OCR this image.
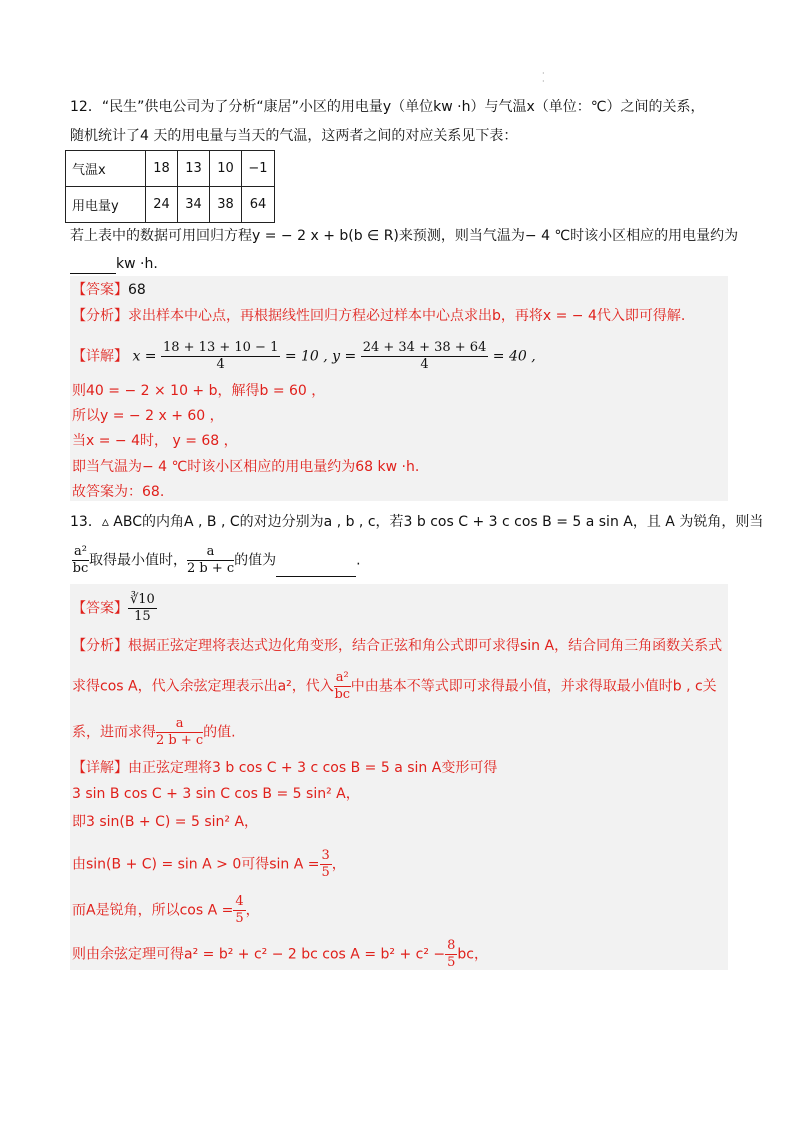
·
·
12．“民生”供电公司为了分析“康居”小区的用电量y（单位kw ·h）与气温x（单位：℃）之间的关系，
随机统计了4 天的用电量与当天的气温，这两者之间的对应关系见下表：
气温x	18	13	10	−1
用电量y	24	34	38	64
若上表中的数据可用回归方程y = − 2 x + b(b ∈ R)来预测，则当气温为− 4 ℃时该小区相应的用电量约为
kw ·h.
【答案】68
【分析】求出样本中心点，再根据线性回归方程必过样本中心点求出b，再将x = − 4代入即可得解.
【详解】 $x = \frac{18 + 13 + 10 - 1}{4} = 10$ , $y = \frac{24 + 34 + 38 + 64}{4} = 40$ ,
则40 = − 2 × 10 + b，解得b = 60 ，
所以y = − 2 x + 60 ，
当x = − 4时， y = 68 ，
即当气温为− 4 ℃时该小区相应的用电量约为68 kw ·h.
故答案为：68.
13．▵ ABC的内角A , B , C的对边分别为a , b , c，若3 b cos C + 3 c cos B = 5 a sin A，且 A 为锐角，则当
$\frac{\text{a²}}{bc}$ 取得最小值时， $\frac{a}{2 b + c}$ 的值为	.
【答案】 $\frac{∛10}{15}$
【分析】根据正弦定理将表达式边化角变形，结合正弦和角公式即可求得sin A，结合同角三角函数关系式
求得cos A，代入余弦定理表示出a²，代入 $\frac{\text{a²}}{bc}$ 中由基本不等式即可求得最小值，并求得取最小值时b , c关
系，进而求得 $\frac{a}{2 b + c}$ 的值.
【详解】由正弦定理将3 b cos C + 3 c cos B = 5 a sin A变形可得
3 sin B cos C + 3 sin C cos B = 5 sin² A，
即3 sin(B + C) = 5 sin² A，
由sin(B + C) = sin A > 0可得$\sin A = \frac{3}{5}$ ，
而A是锐角，所以$\cos A = \frac{4}{5}$ ，
则由余弦定理可得a² = b² + c² − 2 bc $\cos A = b^2 + c^2 - \frac{8}{5}$ bc，
